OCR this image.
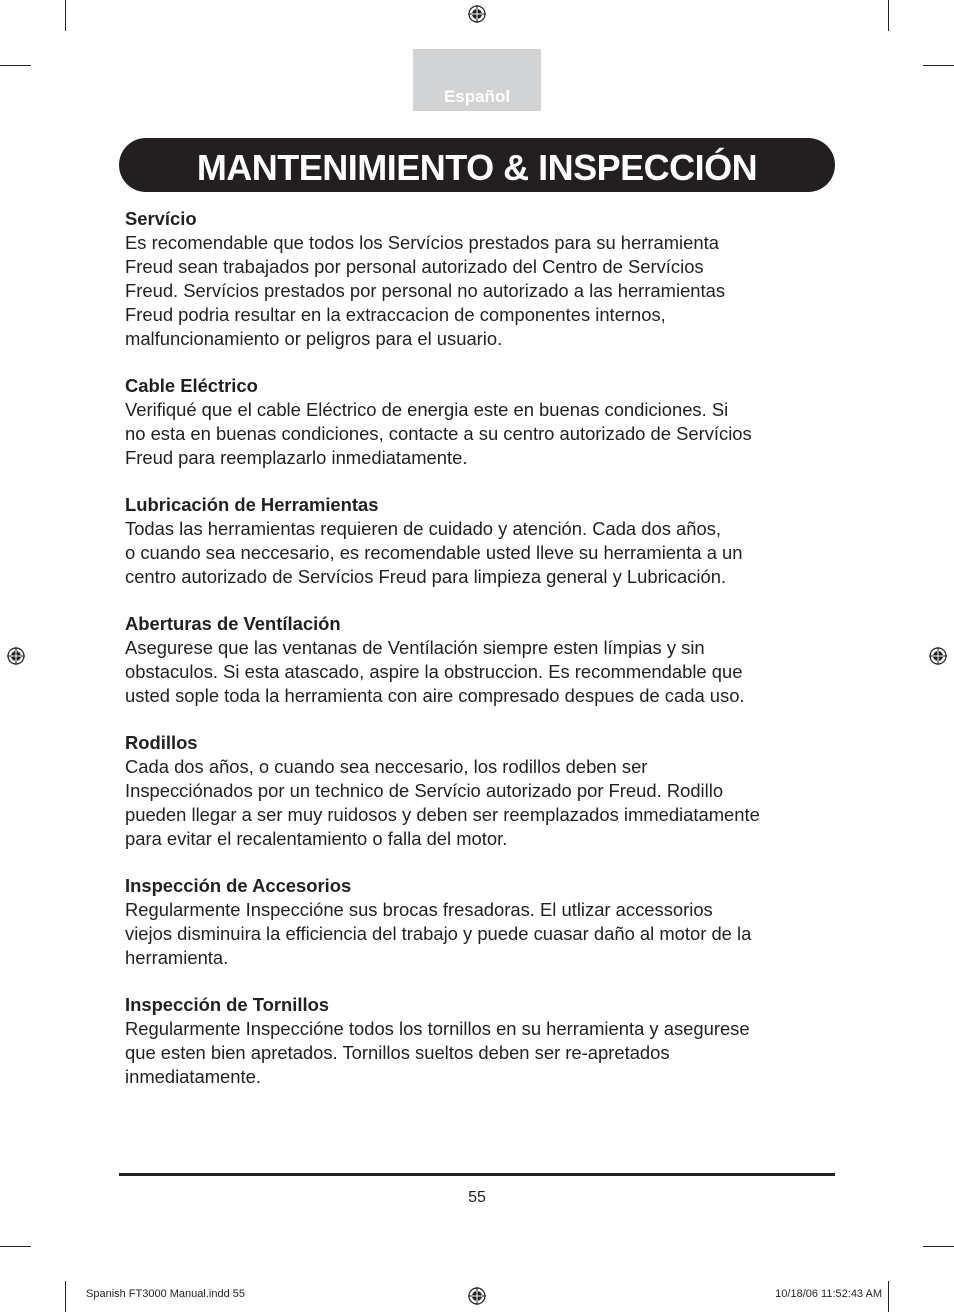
Español
MANTENIMIENTO & INSPECCIÓN
Servício

Es recomendable que todos los Servícios prestados para su herramienta
Freud sean trabajados por personal autorizado del Centro de Servícios
Freud. Servícios prestados por personal no autorizado a las herramientas
Freud podria resultar en la extraccacion de componentes internos,
malfuncionamiento or peligros para el usuario.

Cable Eléctrico

Verifiqué que el cable Eléctrico de energia este en buenas condiciones. Si
no esta en buenas condiciones, contacte a su centro autorizado de Servícios
Freud para reemplazarlo inmediatamente.

Lubricación de Herramientas

Todas las herramientas requieren de cuidado y atención. Cada dos años,
o cuando sea neccesario, es recomendable usted lleve su herramienta a un
centro autorizado de Servícios Freud para limpieza general y Lubricación.

Aberturas de Ventílación

Asegurese que las ventanas de Ventílación siempre esten límpias y sin
obstaculos. Si esta atascado, aspire la obstruccion. Es recommendable que
usted sople toda la herramienta con aire compresado despues de cada uso.

Rodillos

Cada dos años, o cuando sea neccesario, los rodillos deben ser
Inspecciónados por un technico de Servício autorizado por Freud. Rodillo
pueden llegar a ser muy ruidosos y deben ser reemplazados immediatamente
para evitar el recalentamiento o falla del motor.

Inspección de Accesorios

Regularmente Inspeccióne sus brocas fresadoras. El utlizar accessorios
viejos disminuira la efficiencia del trabajo y puede cuasar daño al motor de la
herramienta.

Inspección de Tornillos

Regularmente Inspeccióne todos los tornillos en su herramienta y asegurese
que esten bien apretados. Tornillos sueltos deben ser re-apretados
inmediatamente.

55
Spanish FT3000 Manual.indd 55	10/18/06 11:52:43 AM
